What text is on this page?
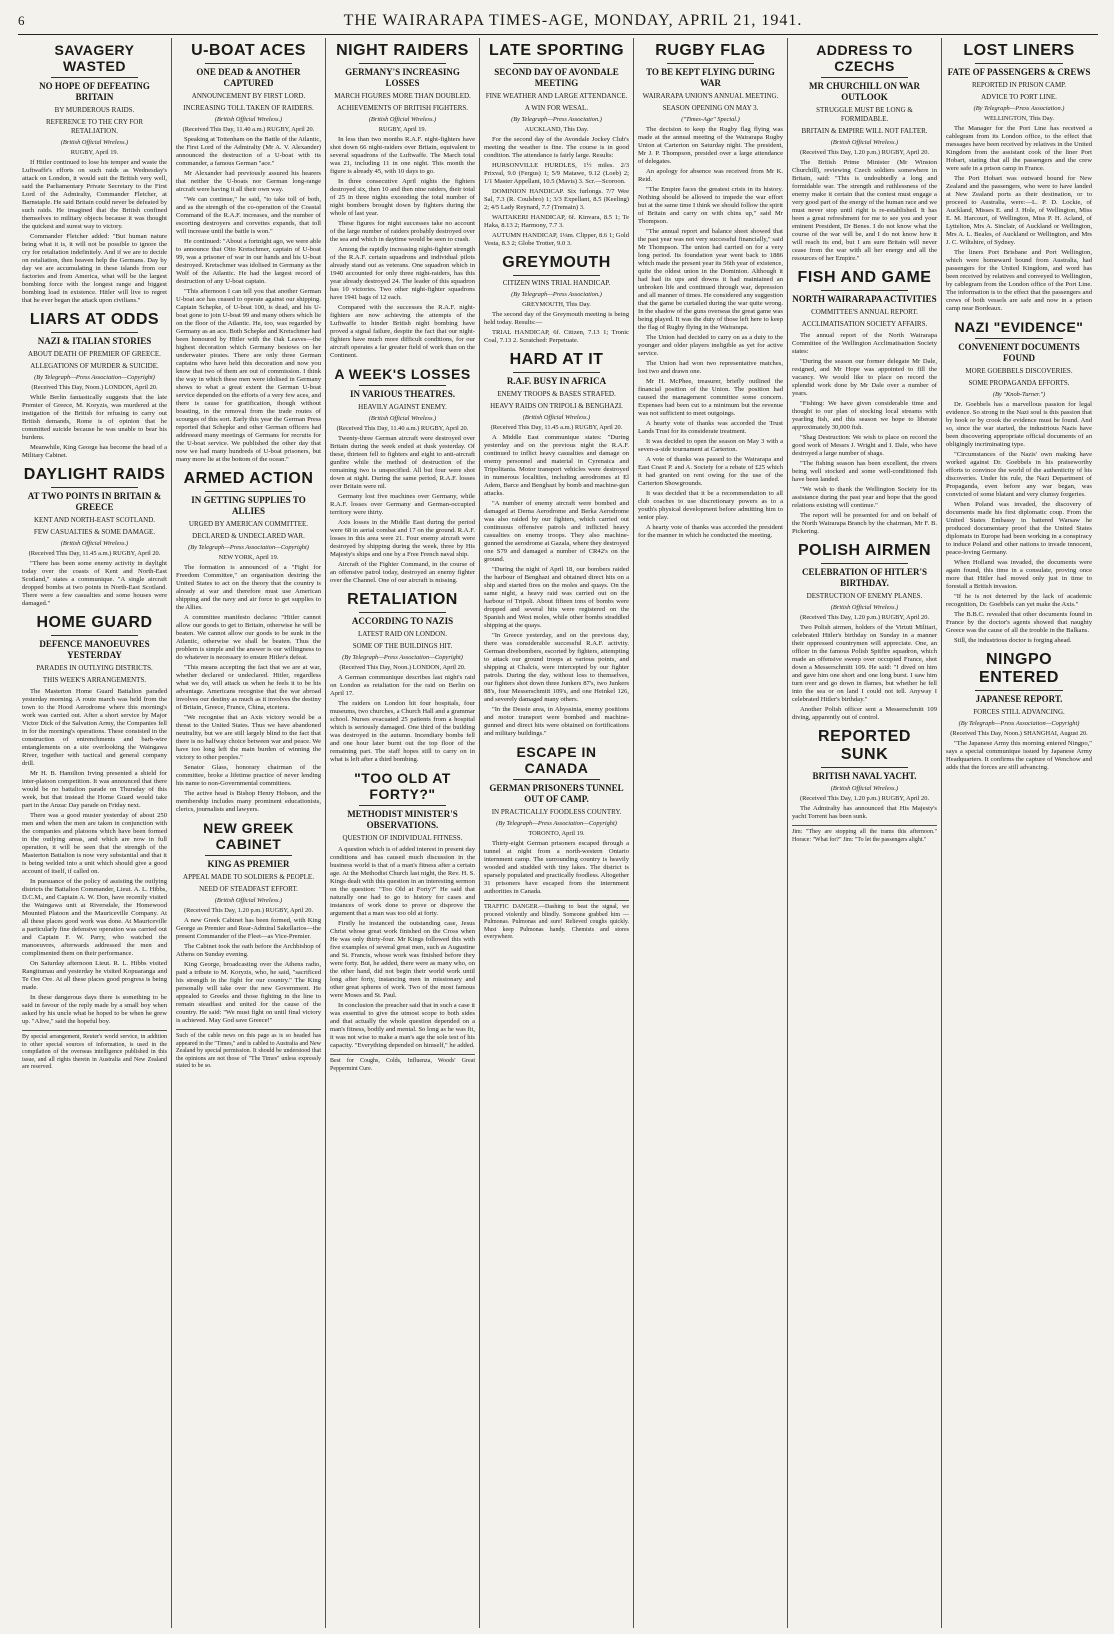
6	THE WAIRARAPA TIMES-AGE, MONDAY, APRIL 21, 1941.
SAVAGERY WASTED
NO HOPE OF DEFEATING BRITAIN
BY MURDEROUS RAIDS.
REFERENCE TO THE CRY FOR RETALIATION.
(British Official Wireless.)
RUGBY, April 19.

If Hitler continued to lose his temper and waste the Luftwaffe's efforts on such raids as Wednesday's attack on London, it would suit the British very well, said the Parliamentary Private Secretary to the First Lord of the Admiralty, Commander Fletcher, at Barnstaple. He said Britain could never be defeated by such raids. He imagined that the British confined themselves to military objects because it was thought the quickest and surest way to victory.

Commander Fletcher added: "But human nature being what it is, it will not be possible to ignore the cry for retaliation indefinitely. And if we are to decide on retaliation, then heaven help the Germans. Day by day we are accumulating in these islands from our factories and from America, what will be the largest bombing force with the longest range and biggest bombing load in existence. Hitler will live to regret that he ever began the attack upon civilians."

LIARS AT ODDS
NAZI & ITALIAN STORIES
ABOUT DEATH OF PREMIER OF GREECE.
ALLEGATIONS OF MURDER & SUICIDE.
(By Telegraph—Press Association—Copyright)
(Received This Day, Noon.) LONDON, April 20.

While Berlin fantastically suggests that the late Premier of Greece, M. Koryzis, was murdered at the instigation of the British for refusing to carry out British demands, Rome is of opinion that he committed suicide because he was unable to bear his burdens.

Meanwhile, King George has become the head of a Military Cabinet.

DAYLIGHT RAIDS
AT TWO POINTS IN BRITAIN & GREECE
KENT AND NORTH-EAST SCOTLAND.
FEW CASUALTIES & SOME DAMAGE.
(British Official Wireless.)
(Received This Day, 11.45 a.m.) RUGBY, April 20.

"There has been some enemy activity in daylight today over the coasts of Kent and North-East Scotland," states a communique. "A single aircraft dropped bombs at two points in North-East Scotland. There were a few casualties and some houses were damaged."

HOME GUARD
DEFENCE MANOEUVRES YESTERDAY
PARADES IN OUTLYING DISTRICTS.
THIS WEEK'S ARRANGEMENTS.

The Masterton Home Guard Battalion paraded yesterday morning. A route march was held from the town to the Hood Aerodrome where this morning's work was carried out. After a short service by Major Victor Dick of the Salvation Army, the Companies fell in for the morning's operations. These consisted in the construction of entrenchments and barb-wire entanglements on a site overlooking the Waingawa River, together with tactical and general company drill.

Mr H. B. Hamilton Irving presented a shield for inter-platoon competition. It was announced that there would be no battalion parade on Thursday of this week, but that instead the Home Guard would take part in the Anzac Day parade on Friday next.

There was a good muster yesterday of about 250 men and when the men are taken in conjunction with the companies and platoons which have been formed in the outlying areas, and which are now in full operation, it will be seen that the strength of the Masterton Battalion is now very substantial and that it is being welded into a unit which should give a good account of itself, if called on.

In pursuance of the policy of assisting the outlying districts the Battalion Commander, Lieut. A. L. Hibbs, D.C.M., and Captain A. W. Don, have recently visited the Waingawa unit at Riversdale, the Homewood Mounted Platoon and the Mauriceville Company. At all these places good work was done. At Mauriceville a particularly fine defensive operation was carried out and Captain F. W. Parry, who watched the manoeuvres, afterwards addressed the men and complimented them on their performance.

On Saturday afternoon Lieut. R. L. Hibbs visited Rangitumau and yesterday he visited Kopuaranga and Te Ore Ore. At all these places good progress is being made.

In these dangerous days there is something to be said in favour of the reply made by a small boy when asked by his uncle what he hoped to be when he grew up. "Alive," said the hopeful boy.

By special arrangement, Reuter's world service, in addition to other special sources of information, is used in the compilation of the overseas intelligence published in this issue, and all rights therein in Australia and New Zealand are reserved.
U-BOAT ACES
ONE DEAD & ANOTHER CAPTURED
ANNOUNCEMENT BY FIRST LORD.
INCREASING TOLL TAKEN OF RAIDERS.
(British Official Wireless.)
(Received This Day, 11.40 a.m.) RUGBY, April 20.

Speaking at Tottenham on the Battle of the Atlantic, the First Lord of the Admiralty (Mr A. V. Alexander) announced the destruction of a U-boat with its commander, a famous German "ace."

Mr Alexander had previously assured his hearers that neither the U-boats nor German long-range aircraft were having it all their own way.

"We can continue," he said, "to take toll of both, and as the strength of the co-operation of the Coastal Command of the R.A.F. increases, and the number of escorting destroyers and corvettes expands, that toll will increase until the battle is won."

He continued: "About a fortnight ago, we were able to announce that Otto Kretschmer, captain of U-boat 99, was a prisoner of war in our hands and his U-boat destroyed. Kretschmer was idolised in Germany as the Wolf of the Atlantic. He had the largest record of destruction of any U-boat captain.

"This afternoon I can tell you that another German U-boat ace has ceased to operate against our shipping. Captain Schepke, of U-boat 100, is dead, and his U-boat gone to join U-boat 99 and many others which lie on the floor of the Atlantic. He, too, was regarded by Germany as an ace. Both Schepke and Kretschmer had been honoured by Hitler with the Oak Leaves—the highest decoration which Germany bestows on her underwater pirates. There are only three German captains who have held this decoration and now you know that two of them are out of commission. I think the way in which these men were idolised in Germany shows to what a great extent the German U-boat service depended on the efforts of a very few aces, and there is cause for gratification, though without boasting, in the removal from the trade routes of scourges of this sort. Early this year the German Press reported that Schepke and other German officers had addressed many meetings of Germans for recruits for the U-boat service. We published the other day that now we had many hundreds of U-boat prisoners, but many more lie at the bottom of the ocean."

ARMED ACTION
IN GETTING SUPPLIES TO ALLIES
URGED BY AMERICAN COMMITTEE.
DECLARED & UNDECLARED WAR.
(By Telegraph—Press Association—Copyright)
NEW YORK, April 19.

The formation is announced of a "Fight for Freedom Committee," an organisation desiring the United States to act on the theory that the country is already at war and therefore must use American shipping and the navy and air force to get supplies to the Allies.

A committee manifesto declares: "Hitler cannot allow our goods to get to Britain, otherwise he will be beaten. We cannot allow our goods to be sunk in the Atlantic, otherwise we shall be beaten. Thus the problem is simple and the answer is our willingness to do whatever is necessary to ensure Hitler's defeat.

"This means accepting the fact that we are at war, whether declared or undeclared. Hitler, regardless what we do, will attack us when he feels it to be his advantage. Americans recognise that the war abroad involves our destiny as much as it involves the destiny of Britain, Greece, France, China, etcetera.

"We recognise that an Axis victory would be a threat to the United States. Thus we have abandoned neutrality, but we are still largely blind to the fact that there is no halfway choice between war and peace. We have too long left the main burden of winning the victory to other peoples."

Senator Glass, honorary chairman of the committee, broke a lifetime practice of never lending his name to non-Governmental committees.

The active head is Bishop Henry Hobson, and the membership includes many prominent educationists, clerics, journalists and lawyers.

NEW GREEK CABINET
KING AS PREMIER
APPEAL MADE TO SOLDIERS & PEOPLE.
NEED OF STEADFAST EFFORT.
(British Official Wireless.)
(Received This Day, 1.20 p.m.) RUGBY, April 20.

A new Greek Cabinet has been formed, with King George as Premier and Rear-Admiral Sakellarios—the present Commander of the Fleet—as Vice-Premier.

The Cabinet took the oath before the Archbishop of Athens on Sunday evening.

King George, broadcasting over the Athens radio, paid a tribute to M. Koryzis, who, he said, "sacrificed his strength in the fight for our country." The King personally will take over the new Government. He appealed to Greeks and those fighting in the line to remain steadfast and united for the cause of the country. He said: "We must fight on until final victory is achieved. May God save Greece!"

Such of the cable news on this page as is so headed has appeared in the "Times," and is cabled to Australia and New Zealand by special permission. It should be understood that the opinions are not those of "The Times" unless expressly stated to be so.
NIGHT RAIDERS
GERMANY'S INCREASING LOSSES
MARCH FIGURES MORE THAN DOUBLED.
ACHIEVEMENTS OF BRITISH FIGHTERS.
(British Official Wireless.)
RUGBY, April 19.

In less than two months R.A.F. night-fighters have shot down 66 night-raiders over Britain, equivalent to several squadrons of the Luftwaffe. The March total was 21, including 11 in one night. This month the figure is already 45, with 10 days to go.

In three consecutive April nights the fighters destroyed six, then 10 and then nine raiders, their total of 25 in three nights exceeding the total number of night bombers brought down by fighters during the whole of last year.

These figures for night successes take no account of the large number of raiders probably destroyed over the sea and which in daytime would be seen to crash.

Among the rapidly increasing night-fighter strength of the R.A.F. certain squadrons and individual pilots already stand out as veterans. One squadron which in 1940 accounted for only three night-raiders, has this year already destroyed 24. The leader of this squadron has 10 victories. Two other night-fighter squadrons have 1941 bags of 12 each.

Compared with the successes the R.A.F. night-fighters are now achieving the attempts of the Luftwaffe to hinder British night bombing have proved a signal failure, despite the fact that our night-fighters have much more difficult conditions, for our aircraft operates a far greater field of work than on the Continent.

A WEEK'S LOSSES
IN VARIOUS THEATRES.
HEAVILY AGAINST ENEMY.
(British Official Wireless.)
(Received This Day, 11.40 a.m.) RUGBY, April 20.

Twenty-three German aircraft were destroyed over Britain during the week ended at dusk yesterday. Of these, thirteen fell to fighters and eight to anti-aircraft gunfire while the method of destruction of the remaining two is unspecified. All but four were shot down at night. During the same period, R.A.F. losses over Britain were nil.

Germany lost five machines over Germany, while R.A.F. losses over Germany and German-occupied territory were thirty.

Axis losses in the Middle East during the period were 68 in aerial combat and 17 on the ground. R.A.F. losses in this area were 21. Four enemy aircraft were destroyed by shipping during the week, three by His Majesty's ships and one by a Free French naval ship.

Aircraft of the Fighter Command, in the course of an offensive patrol today, destroyed an enemy fighter over the Channel. One of our aircraft is missing.

RETALIATION
ACCORDING TO NAZIS
LATEST RAID ON LONDON.
SOME OF THE BUILDINGS HIT.
(By Telegraph—Press Association—Copyright)
(Received This Day, Noon.) LONDON, April 20.

A German communique describes last night's raid on London as retaliation for the raid on Berlin on April 17.

The raiders on London hit four hospitals, four museums, two churches, a Church Hall and a grammar school. Nurses evacuated 25 patients from a hospital which is seriously damaged. One third of the building was destroyed in the autumn. Incendiary bombs fell and one hour later burnt out the top floor of the remaining part. The staff hopes still to carry on in what is left after a third bombing.

"TOO OLD AT FORTY?"
METHODIST MINISTER'S OBSERVATIONS.
QUESTION OF INDIVIDUAL FITNESS.

A question which is of added interest in present day conditions and has caused much discussion in the business world is that of a man's fitness after a certain age. At the Methodist Church last night, the Rev. H. S. Kings dealt with this question in an interesting sermon on the question: "Too Old at Forty?" He said that naturally one had to go to history for cases and instances of work done to prove or disprove the argument that a man was too old at forty.

Firstly he instanced the outstanding case, Jesus Christ whose great work finished on the Cross when He was only thirty-four. Mr Kings followed this with five examples of several great men, such as Augustine and St. Francis, whose work was finished before they were forty. But, he added, there were as many who, on the other hand, did not begin their world work until long after forty, instancing men in missionary and other great spheres of work. Two of the most famous were Moses and St. Paul.

In conclusion the preacher said that in such a case it was essential to give the utmost scope to both sides and that actually the whole question depended on a man's fitness, bodily and mental. So long as he was fit, it was not wise to make a man's age the sole test of his capacity. "Everything depended on himself," he added.

Best for Coughs, Colds, Influenza, Woods' Great Peppermint Cure.
LATE SPORTING
SECOND DAY OF AVONDALE MEETING
FINE WEATHER AND LARGE ATTENDANCE.
A WIN FOR WESAL.
(By Telegraph—Press Association.)
AUCKLAND, This Day.

For the second day of the Avondale Jockey Club's meeting the weather is fine. The course is in good condition. The attendance is fairly large. Results:

HURSONVILLE HURDLES, 1½ miles. 2/3 Prixval, 9.0 (Fergus) 1; 5/9 Matawe, 9.12 (Loeb) 2; 1/1 Master Appellant, 10.5 (Mavis) 3. Scr.—Scoroon.

DOMINION HANDICAP. Six furlongs. 7/7 Wee Sal, 7.3 (R. Coulsbro) 1; 3/3 Expellant, 8.5 (Keeling) 2; 4/5 Lady Reynard, 7.7 (Tremain) 3.

WAITAKERI HANDICAP, 6f. Kinvara, 8.5 1; Te Haka, 8.13 2; Harmony, 7.7 3.

AUTUMN HANDICAP, 1⅛m. Clipper, 8.6 1; Gold Vesta, 8.3 2; Globe Trotter, 9.0 3.

GREYMOUTH
CITIZEN WINS TRIAL HANDICAP.
(By Telegraph—Press Association.)
GREYMOUTH, This Day.

The second day of the Greymouth meeting is being held today. Results:—

TRIAL HANDICAP, 6f. Citizen, 7.13 1; Tronic Coal, 7.13 2. Scratched: Perpetuate.

HARD AT IT
R.A.F. BUSY IN AFRICA
ENEMY TROOPS & BASES STRAFED.
HEAVY RAIDS ON TRIPOLI & BENGHAZI.
(British Official Wireless.)
(Received This Day, 11.45 a.m.) RUGBY, April 20.

A Middle East communique states: "During yesterday and on the previous night the R.A.F. continued to inflict heavy casualties and damage on enemy personnel and material in Cyrenaica and Tripolitania. Motor transport vehicles were destroyed in numerous localities, including aerodromes at El Adem, Barce and Benghazi by bomb and machine-gun attacks.

"A number of enemy aircraft were bombed and damaged at Derna Aerodrome and Berka Aerodrome was also raided by our fighters, which carried out continuous offensive patrols and inflicted heavy casualties on enemy troops. They also machine-gunned the aerodrome at Gazala, where they destroyed one S79 and damaged a number of CR42's on the ground.

"During the night of April 18, our bombers raided the harbour of Benghazi and obtained direct hits on a ship and started fires on the moles and quays. On the same night, a heavy raid was carried out on the harbour of Tripoli. About fifteen tons of bombs were dropped and several hits were registered on the Spanish and West moles, while other bombs straddled shipping at the quays.

"In Greece yesterday, and on the previous day, there was considerable successful R.A.F. activity. German divebombers, escorted by fighters, attempting to attack our ground troops at various points, and shipping at Chalcis, were intercepted by our fighter patrols. During the day, without loss to themselves, our fighters shot down three Junkers 87's, two Junkers 88's, four Messerschmitt 109's, and one Heinkel 126, and severely damaged many others.

"In the Dessie area, in Abyssinia, enemy positions and motor transport were bombed and machine-gunned and direct hits were obtained on fortifications and military buildings."

ESCAPE IN CANADA
GERMAN PRISONERS TUNNEL OUT OF CAMP.
IN PRACTICALLY FOODLESS COUNTRY.
(By Telegraph—Press Association—Copyright)
TORONTO, April 19.

Thirty-eight German prisoners escaped through a tunnel at night from a north-western Ontario internment camp. The surrounding country is heavily wooded and studded with tiny lakes. The district is sparsely populated and practically foodless. Altogether 31 prisoners have escaped from the internment authorities in Canada.

TRAFFIC DANGER.—Dashing to beat the signal, we proceed violently and blindly. Someone grabbed him — Pulmonas. Pulmonas and sure! Relieved coughs quickly. Must keep Pulmonas handy. Chemists and stores everywhere.
RUGBY FLAG
TO BE KEPT FLYING DURING WAR
WAIRARAPA UNION'S ANNUAL MEETING.
SEASON OPENING ON MAY 3.
("Times-Age" Special.)

The decision to keep the Rugby flag flying was made at the annual meeting of the Wairarapa Rugby Union at Carterton on Saturday night. The president, Mr J. P. Thompson, presided over a large attendance of delegates.

An apology for absence was received from Mr K. Reid.

"The Empire faces the greatest crisis in its history. Nothing should be allowed to impede the war effort but at the same time I think we should follow the spirit of Britain and carry on with chins up," said Mr Thompson.

"The annual report and balance sheet showed that the past year was not very successful financially," said Mr Thompson. The union had carried on for a very long period. Its foundation year went back to 1886 which made the present year its 56th year of existence, quite the oldest union in the Dominion. Although it had had its ups and downs it had maintained an unbroken life and continued through war, depression and all manner of times. He considered any suggestion that the game be curtailed during the war quite wrong. In the shadow of the guns overseas the great game was being played. It was the duty of those left here to keep the flag of Rugby flying in the Wairarapa.

The Union had decided to carry on as a duty to the younger and older players ineligible as yet for active service.

The Union had won two representative matches, lost two and drawn one.

Mr H. McPhee, treasurer, briefly outlined the financial position of the Union. The position had caused the management committee some concern. Expenses had been cut to a minimum but the revenue was not sufficient to meet outgoings.

A hearty vote of thanks was accorded the Trust Lands Trust for its considerate treatment.

It was decided to open the season on May 3 with a seven-a-side tournament at Carterton.

A vote of thanks was passed to the Wairarapa and East Coast P. and A. Society for a rebate of £25 which it had granted on rent owing for the use of the Carterton Showgrounds.

It was decided that it be a recommendation to all club coaches to use discretionary powers as to a youth's physical development before admitting him to senior play.

A hearty vote of thanks was accorded the president for the manner in which he conducted the meeting.

ADDRESS TO CZECHS
MR CHURCHILL ON WAR OUTLOOK
STRUGGLE MUST BE LONG & FORMIDABLE.
BRITAIN & EMPIRE WILL NOT FALTER.
(British Official Wireless.)
(Received This Day, 1.20 p.m.) RUGBY, April 20.

The British Prime Minister (Mr Winston Churchill), reviewing Czech soldiers somewhere in Britain, said: "This is undoubtedly a long and formidable war. The strength and ruthlessness of the enemy make it certain that the contest must engage a very good part of the energy of the human race and we must never stop until right is re-established. It has been a great refreshment for me to see you and your eminent President, Dr Benes. I do not know what the course of the war will be, and I do not know how it will reach its end, but I am sure Britain will never cease from the war with all her energy and all the resources of her Empire."

FISH AND GAME
NORTH WAIRARAPA ACTIVITIES
COMMITTEE'S ANNUAL REPORT.
ACCLIMATISATION SOCIETY AFFAIRS.

The annual report of the North Wairarapa Committee of the Wellington Acclimatisation Society states:

"During the season our former delegate Mr Dale, resigned, and Mr Hope was appointed to fill the vacancy. We would like to place on record the splendid work done by Mr Dale over a number of years.

"Fishing: We have given considerable time and thought to our plan of stocking local streams with yearling fish, and this season we hope to liberate approximately 30,000 fish.

"Shag Destruction: We wish to place on record the good work of Messrs J. Wright and I. Dale, who have destroyed a large number of shags.

"The fishing season has been excellent, the rivers being well stocked and some well-conditioned fish have been landed.

"We wish to thank the Wellington Society for its assistance during the past year and hope that the good relations existing will continue."

The report will be presented for and on behalf of the North Wairarapa Branch by the chairman, Mr F. B. Pickering.

POLISH AIRMEN
CELEBRATION OF HITLER'S BIRTHDAY.
DESTRUCTION OF ENEMY PLANES.
(British Official Wireless.)
(Received This Day, 1.20 p.m.) RUGBY, April 20.

Two Polish airmen, holders of the Virtuti Militari, celebrated Hitler's birthday on Sunday in a manner their oppressed countrymen will appreciate. One, an officer in the famous Polish Spitfire squadron, which made an offensive sweep over occupied France, shot down a Messerschmitt 109. He said: "I dived on him and gave him one short and one long burst. I saw him turn over and go down in flames, but whether he fell into the sea or on land I could not tell. Anyway I celebrated Hitler's birthday."

Another Polish officer sent a Messerschmitt 109 diving, apparently out of control.

REPORTED SUNK
BRITISH NAVAL YACHT.
(British Official Wireless.)
(Received This Day, 1.20 p.m.) RUGBY, April 20.

The Admiralty has announced that His Majesty's yacht Torrent has been sunk.

Jim: "They are stopping all the trams this afternoon." Horace: "What for?" Jim: "To let the passengers alight."
LOST LINERS
FATE OF PASSENGERS & CREWS
REPORTED IN PRISON CAMP.
ADVICE TO PORT LINE.
(By Telegraph—Press Association.)
WELLINGTON, This Day.

The Manager for the Port Line has received a cablegram from its London office, to the effect that messages have been received by relatives in the United Kingdom from the assistant cook of the liner Port Hobart, stating that all the passengers and the crew were safe in a prison camp in France.

The Port Hobart was outward bound for New Zealand and the passengers, who were to have landed at New Zealand ports as their destination, or to proceed to Australia, were:—L. P. D. Lockie, of Auckland, Misses E. and J. Hole, of Wellington, Miss E. M. Harcourt, of Wellington, Miss P. H. Acland, of Lyttelton, Mrs A. Sinclair, of Auckland or Wellington, Mrs A. L. Beales, of Auckland or Wellington, and Mrs J. C. Wiltshire, of Sydney.

The liners Port Brisbane and Port Wellington, which were homeward bound from Australia, had passengers for the United Kingdom, and word has been received by relatives and conveyed to Wellington, by cablegram from the London office of the Port Line. The information is to the effect that the passengers and crews of both vessels are safe and now in a prison camp near Bordeaux.

NAZI "EVIDENCE"
CONVENIENT DOCUMENTS FOUND
MORE GOEBBELS DISCOVERIES.
SOME PROPAGANDA EFFORTS.
(By "Knob-Turner.")

Dr. Goebbels has a marvellous passion for legal evidence. So strong in the Nazi soul is this passion that by hook or by crook the evidence must be found. And so, since the war started, the industrious Nazis have been discovering appropriate official documents of an obligingly incriminating type.

"Circumstances of the Nazis' own making have worked against Dr. Goebbels in his praiseworthy efforts to convince the world of the authenticity of his discoveries. Under his rule, the Nazi Department of Propaganda, even before any war began, was convicted of some blatant and very clumsy forgeries.

When Poland was invaded, the discovery of documents made his first diplomatic coup. From the United States Embassy in battered Warsaw he produced documentary proof that the United States diplomats in Europe had been working in a conspiracy to induce Poland and other nations to invade innocent, peace-loving Germany.

When Holland was invaded, the documents were again found, this time in a consulate, proving once more that Hitler had moved only just in time to forestall a British invasion.

"If he is not deterred by the lack of academic recognition, Dr. Goebbels can yet make the Axis."

The B.B.C. revealed that other documents found in France by the doctor's agents showed that naughty Greece was the cause of all the trouble in the Balkans.

Still, the industrious doctor is forging ahead.

NINGPO ENTERED
JAPANESE REPORT.
FORCES STILL ADVANCING.
(By Telegraph—Press Association—Copyright)
(Received This Day, Noon.) SHANGHAI, August 20.

"The Japanese Army this morning entered Ningpo," says a special communique issued by Japanese Army Headquarters. It confirms the capture of Wenchow and adds that the forces are still advancing.
